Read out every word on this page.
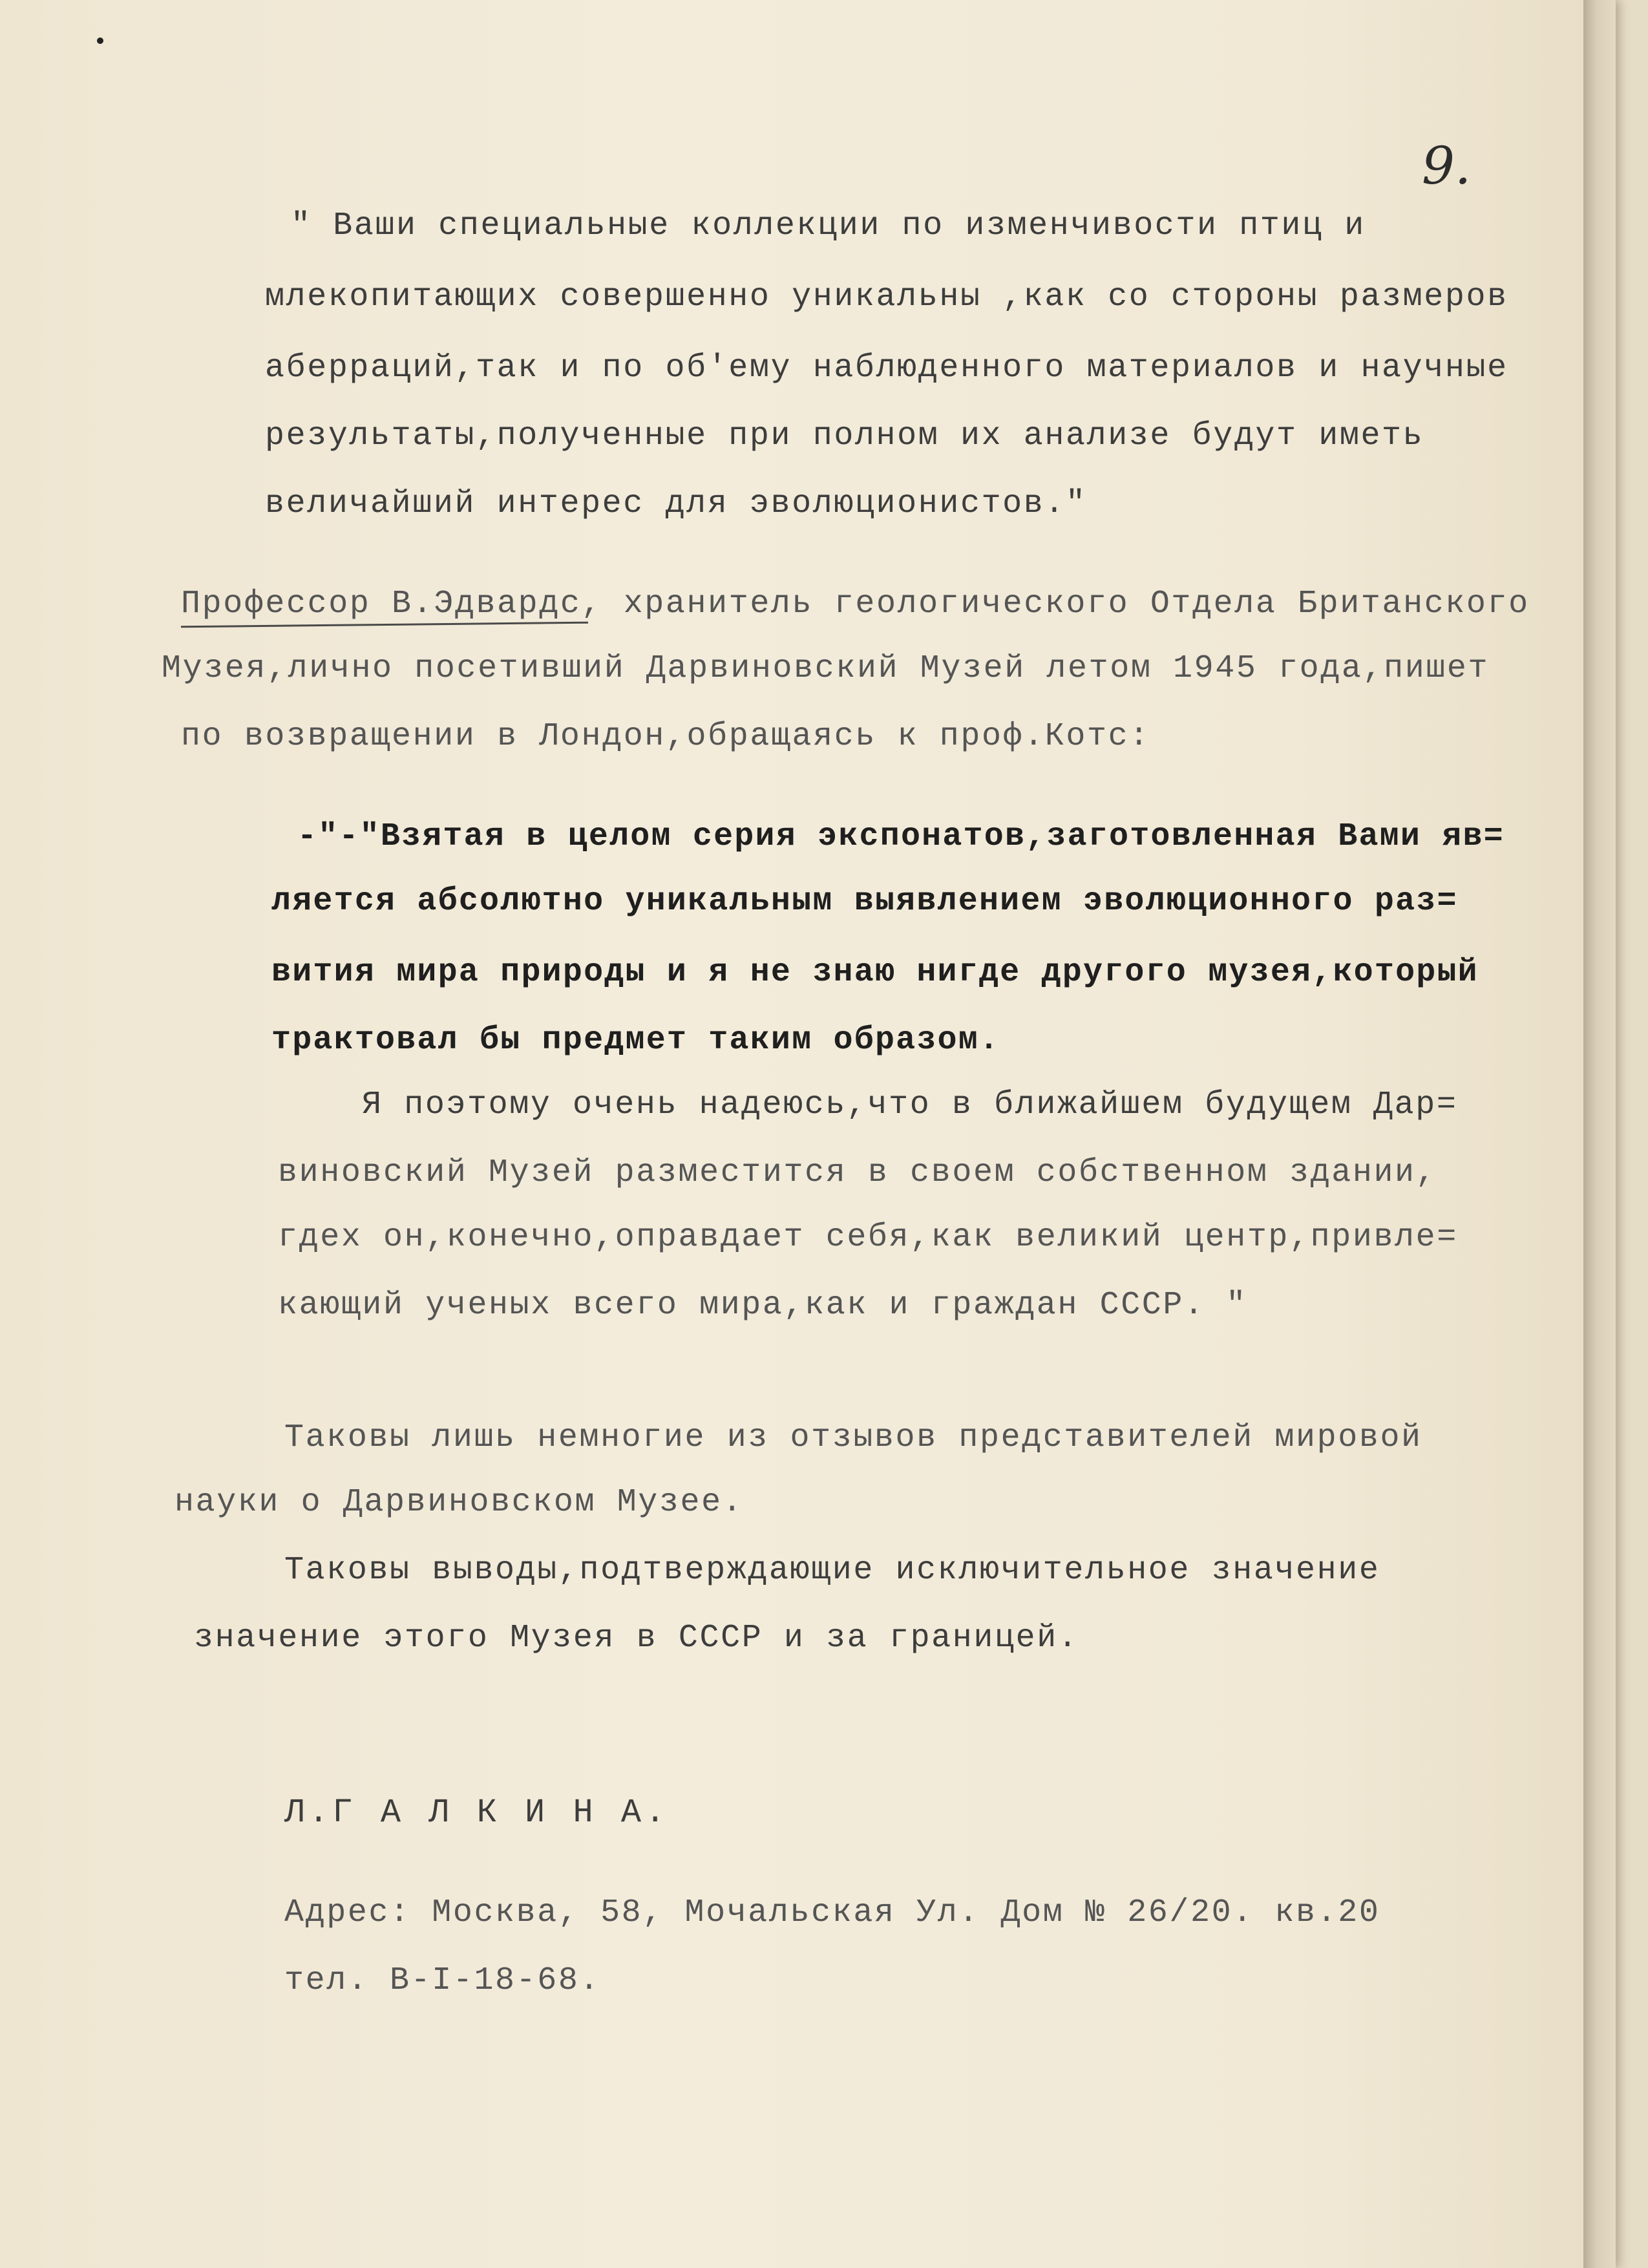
9.

" Ваши специальные коллекции по изменчивости птиц и

млекопитающих совершенно уникальны ,как со стороны размеров

аберраций,так и по об'ему наблюденного материалов и научные

результаты,полученные при полном их анализе будут иметь

величайший интерес для эволюционистов."

Профессор В.Эдвардс, хранитель геологического Отдела Британского

Музея,лично посетивший Дарвиновский Музей летом 1945 года,пишет

по возвращении в Лондон,обращаясь к проф.Котс:

-"-"Взятая в целом серия экспонатов,заготовленная Вами яв=

ляется абсолютно уникальным выявлением эволюционного раз=

вития мира природы и я не знаю нигде другого музея,который

трактовал бы предмет таким образом.

Я поэтому очень надеюсь,что в ближайшем будущем Дар=

виновский Музей разместится в своем собственном здании,

гдех он,конечно,оправдает себя,как великий центр,привле=

кающий ученых всего мира,как и граждан СССР. "

Таковы лишь немногие из отзывов представителей мировой

науки о Дарвиновском Музее.

Таковы выводы,подтверждающие исключительное значение

значение этого Музея в СССР и за границей.

Л.Г А Л К И Н А.

Адрес: Москва, 58, Мочальская Ул. Дом № 26/20. кв.20

тел. В-I-18-68.
